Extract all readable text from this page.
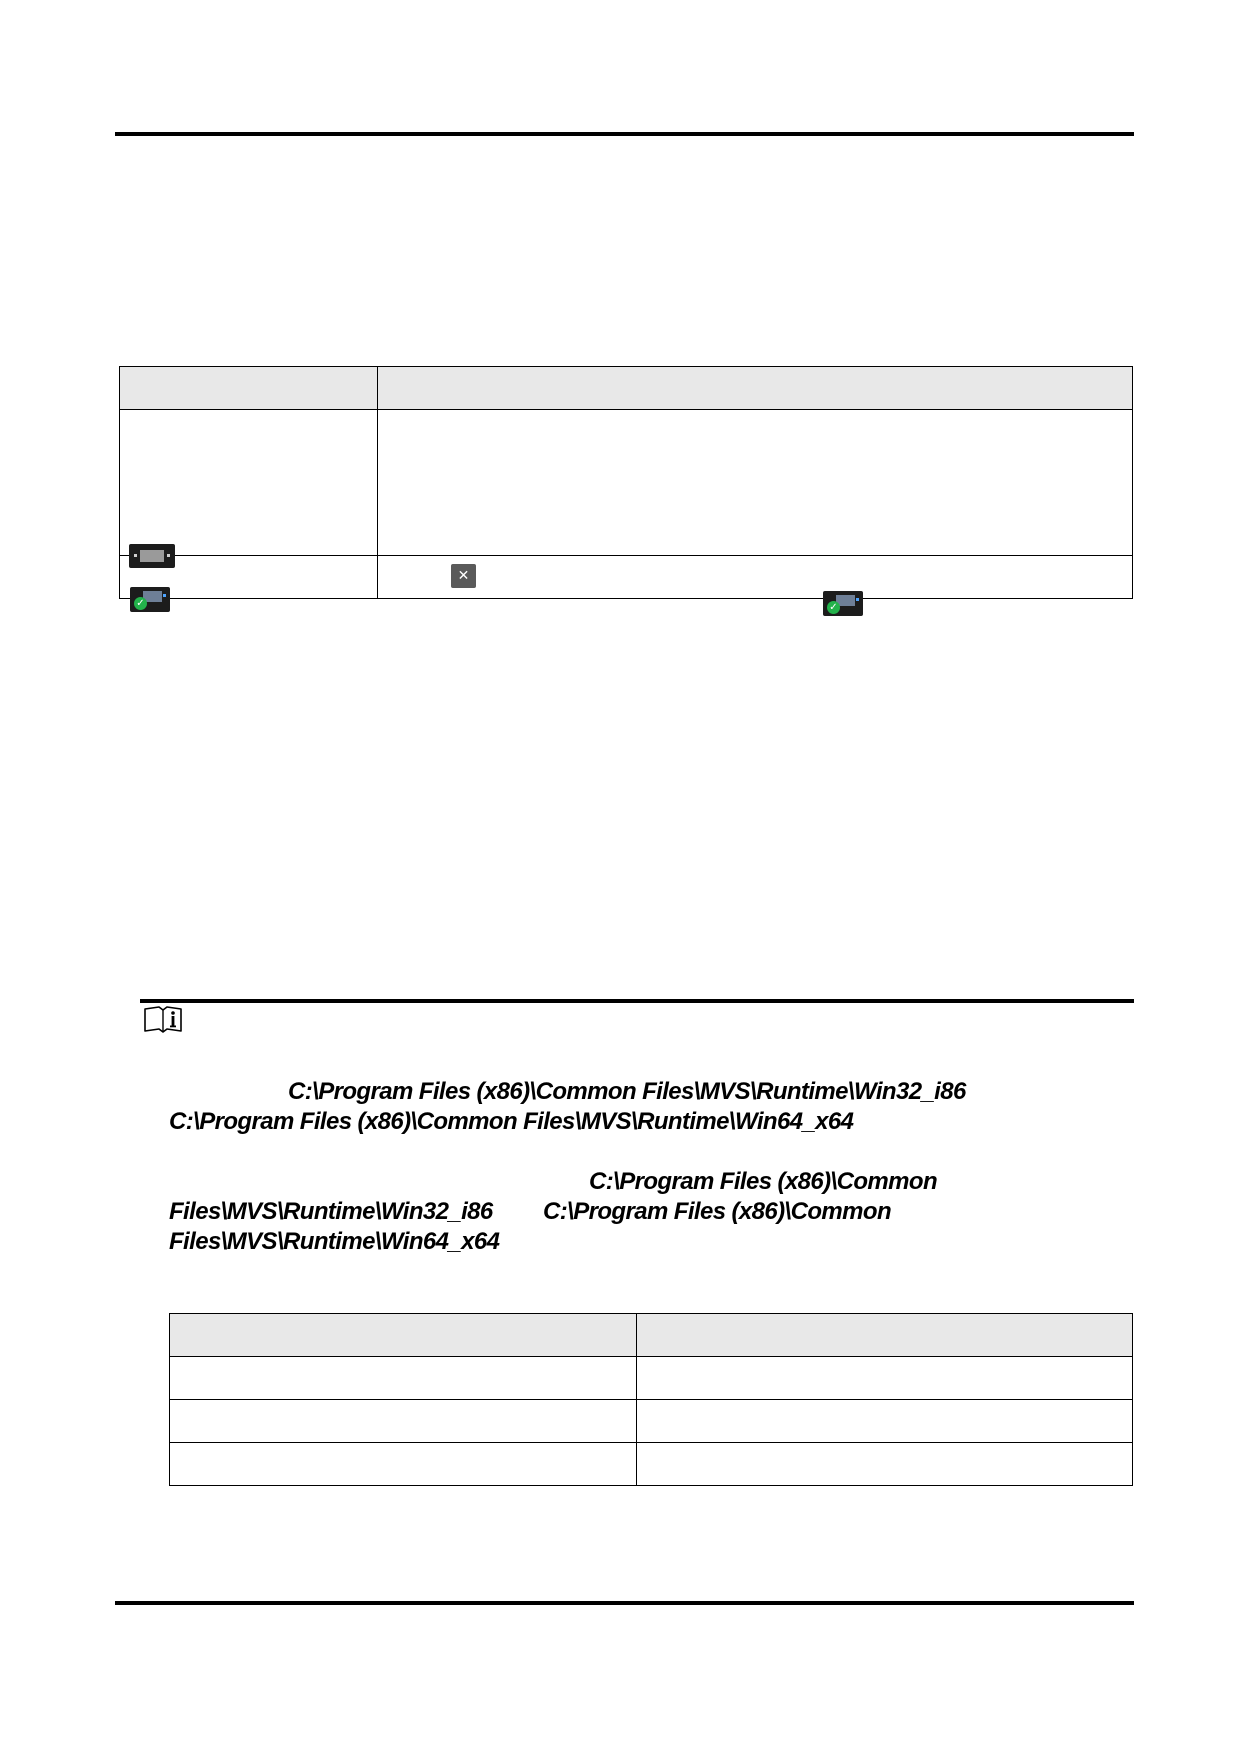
	✕
✓

✓	

C:\Program Files (x86)\Common Files\MVS\Runtime\Win32_i86
C:\Program Files (x86)\Common Files\MVS\Runtime\Win64_x64
C:\Program Files (x86)\Common
Files\MVS\Runtime\Win32_i86 C:\Program Files (x86)\Common
Files\MVS\Runtime\Win64_x64
